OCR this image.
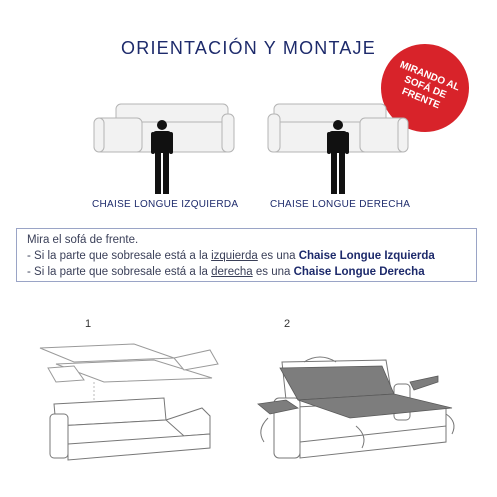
ORIENTACIÓN Y MONTAJE
MIRANDO AL SOFÁ DE FRENTE
CHAISE LONGUE IZQUIERDA	CHAISE LONGUE DERECHA
Mira el sofá de frente.
- Si la parte que sobresale está a la izquierda es una Chaise Longue Izquierda
- Si la parte que sobresale está a la derecha es una Chaise Longue Derecha
1	2
